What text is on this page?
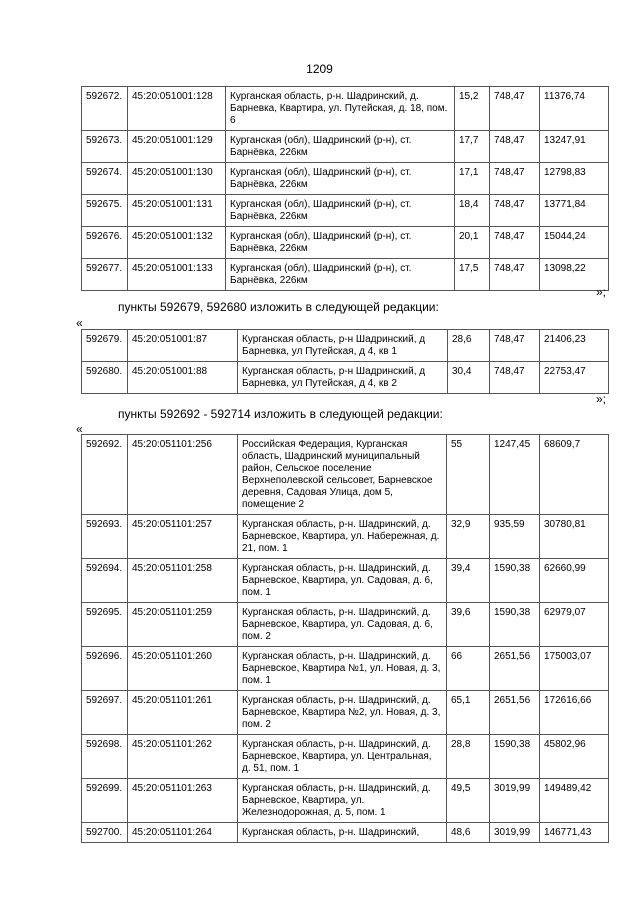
1209
592672.	45:20:051001:128	Курганская область, р-н. Шадринский, д. Барневка, Квартира, ул. Путейская, д. 18, пом. 6	15,2	748,47	11376,74
592673.	45:20:051001:129	Курганская (обл), Шадринский (р-н), ст. Барнёвка, 226км	17,7	748,47	13247,91
592674.	45:20:051001:130	Курганская (обл), Шадринский (р-н), ст. Барнёвка, 226км	17,1	748,47	12798,83
592675.	45:20:051001:131	Курганская (обл), Шадринский (р-н), ст. Барнёвка, 226км	18,4	748,47	13771,84
592676.	45:20:051001:132	Курганская (обл), Шадринский (р-н), ст. Барнёвка, 226км	20,1	748,47	15044,24
592677.	45:20:051001:133	Курганская (обл), Шадринский (р-н), ст. Барнёвка, 226км	17,5	748,47	13098,22
»;
пункты 592679, 592680 изложить в следующей редакции:
«
592679.	45:20:051001:87	Курганская область, р-н Шадринский, д Барневка, ул Путейская, д 4, кв 1	28,6	748,47	21406,23
592680.	45:20:051001:88	Курганская область, р-н Шадринский, д Барневка, ул Путейская, д 4, кв 2	30,4	748,47	22753,47
»;
пункты 592692 - 592714 изложить в следующей редакции:
«
592692.	45:20:051101:256	Российская Федерация, Курганская область, Шадринский муниципальный район, Сельское поселение Верхнеполевской сельсовет, Барневское деревня, Садовая Улица, дом 5, помещение 2	55	1247,45	68609,7
592693.	45:20:051101:257	Курганская область, р-н. Шадринский, д. Барневское, Квартира, ул. Набережная, д. 21, пом. 1	32,9	935,59	30780,81
592694.	45:20:051101:258	Курганская область, р-н. Шадринский, д. Барневское, Квартира, ул. Садовая, д. 6, пом. 1	39,4	1590,38	62660,99
592695.	45:20:051101:259	Курганская область, р-н. Шадринский, д. Барневское, Квартира, ул. Садовая, д. 6, пом. 2	39,6	1590,38	62979,07
592696.	45:20:051101:260	Курганская область, р-н. Шадринский, д. Барневское, Квартира №1, ул. Новая, д. 3, пом. 1	66	2651,56	175003,07
592697.	45:20:051101:261	Курганская область, р-н. Шадринский, д. Барневское, Квартира №2, ул. Новая, д. 3, пом. 2	65,1	2651,56	172616,66
592698.	45:20:051101:262	Курганская область, р-н. Шадринский, д. Барневское, Квартира, ул. Центральная, д. 51, пом. 1	28,8	1590,38	45802,96
592699.	45:20:051101:263	Курганская область, р-н. Шадринский, д. Барневское, Квартира, ул. Железнодорожная, д. 5, пом. 1	49,5	3019,99	149489,42
592700.	45:20:051101:264	Курганская область, р-н. Шадринский,	48,6	3019,99	146771,43
